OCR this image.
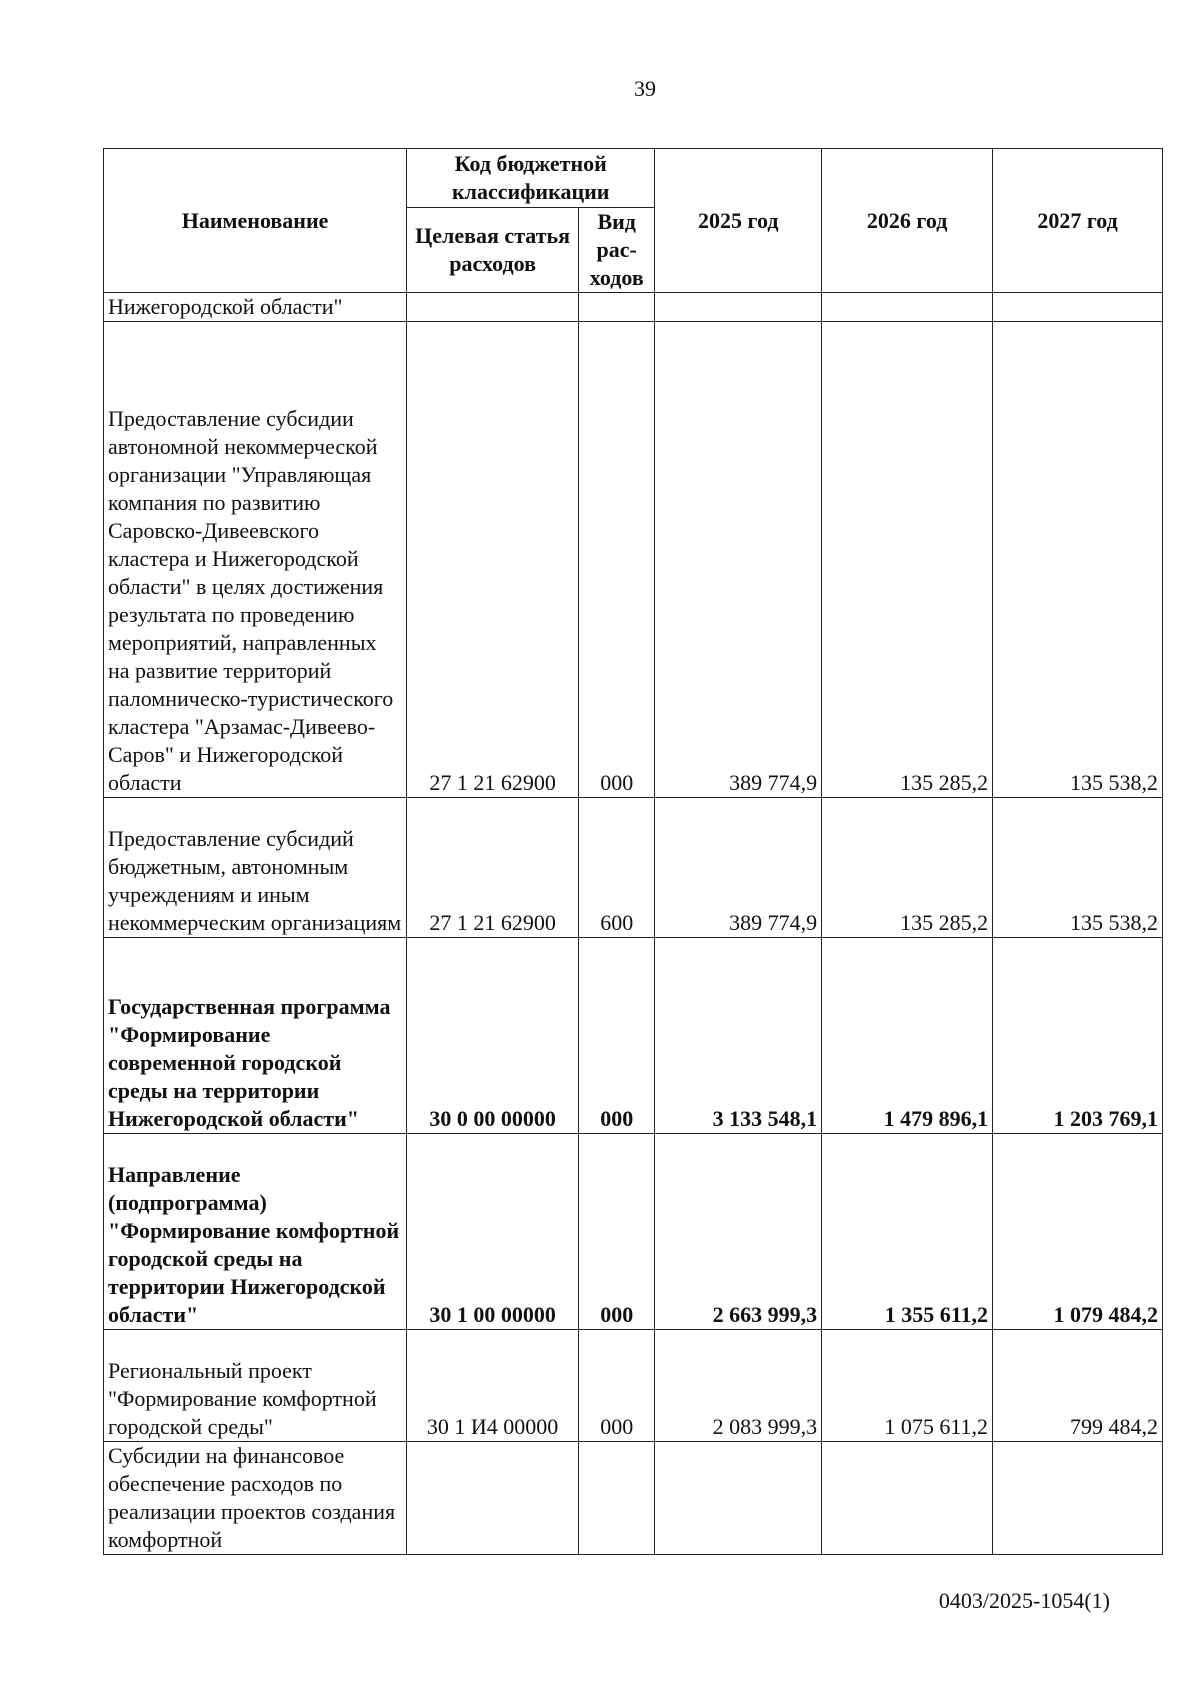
39
Наименование	Код бюджетной классификации		2025 год	2026 год	2027 год
	Целевая статья расходов	Вид рас-ходов			
Нижегородской области"					
Предоставление субсидии автономной некоммерческой организации "Управляющая компания по развитию Саровско-Дивеевского кластера и Нижегородской области" в целях достижения результата по проведению мероприятий, направленных на развитие территорий паломническо-туристического кластера "Арзамас-Дивеево-Саров" и Нижегородской области	27 1 21 62900	000	389 774,9	135 285,2	135 538,2
Предоставление субсидий бюджетным, автономным учреждениям и иным некоммерческим организациям	27 1 21 62900	600	389 774,9	135 285,2	135 538,2
Государственная программа "Формирование современной городской среды на территории Нижегородской области"	30 0 00 00000	000	3 133 548,1	1 479 896,1	1 203 769,1
Направление (подпрограмма) "Формирование комфортной городской среды на территории Нижегородской области"	30 1 00 00000	000	2 663 999,3	1 355 611,2	1 079 484,2
Региональный проект "Формирование комфортной городской среды"	30 1 И4 00000	000	2 083 999,3	1 075 611,2	799 484,2
Субсидии на финансовое обеспечение расходов по реализации проектов создания комфортной					
0403/2025-1054(1)
